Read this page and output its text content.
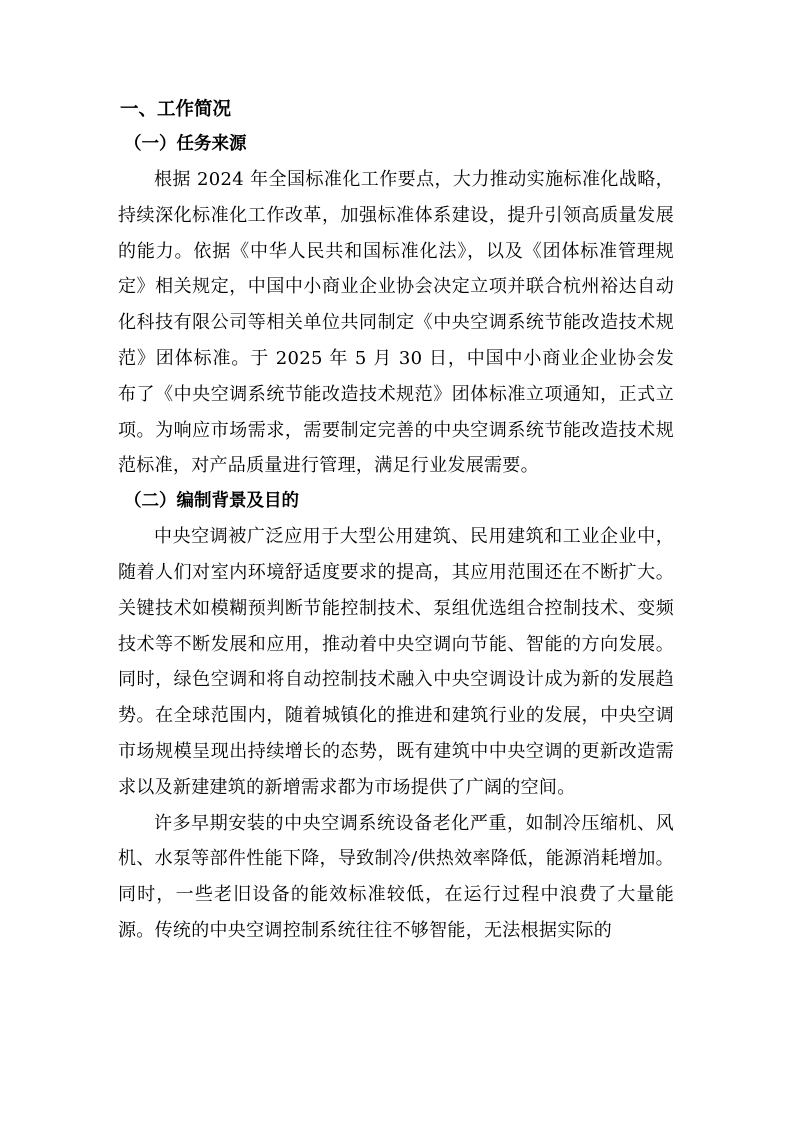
一、工作简况
（一）任务来源

根据 2024 年全国标准化工作要点，大力推动实施标准化战略，持续深化标准化工作改革，加强标准体系建设，提升引领高质量发展的能力。依据《中华人民共和国标准化法》，以及《团体标准管理规定》相关规定，中国中小商业企业协会决定立项并联合杭州裕达自动化科技有限公司等相关单位共同制定《中央空调系统节能改造技术规范》团体标准。于 2025 年 5 月 30 日，中国中小商业企业协会发布了《中央空调系统节能改造技术规范》团体标准立项通知，正式立项。为响应市场需求，需要制定完善的中央空调系统节能改造技术规范标准，对产品质量进行管理，满足行业发展需要。

（二）编制背景及目的

中央空调被广泛应用于大型公用建筑、民用建筑和工业企业中，随着人们对室内环境舒适度要求的提高，其应用范围还在不断扩大。关键技术如模糊预判断节能控制技术、泵组优选组合控制技术、变频技术等不断发展和应用，推动着中央空调向节能、智能的方向发展。同时，绿色空调和将自动控制技术融入中央空调设计成为新的发展趋势。在全球范围内，随着城镇化的推进和建筑行业的发展，中央空调市场规模呈现出持续增长的态势，既有建筑中中央空调的更新改造需求以及新建建筑的新增需求都为市场提供了广阔的空间。

许多早期安装的中央空调系统设备老化严重，如制冷压缩机、风机、水泵等部件性能下降，导致制冷/供热效率降低，能源消耗增加。同时，一些老旧设备的能效标准较低，在运行过程中浪费了大量能源。传统的中央空调控制系统往往不够智能，无法根据实际的
